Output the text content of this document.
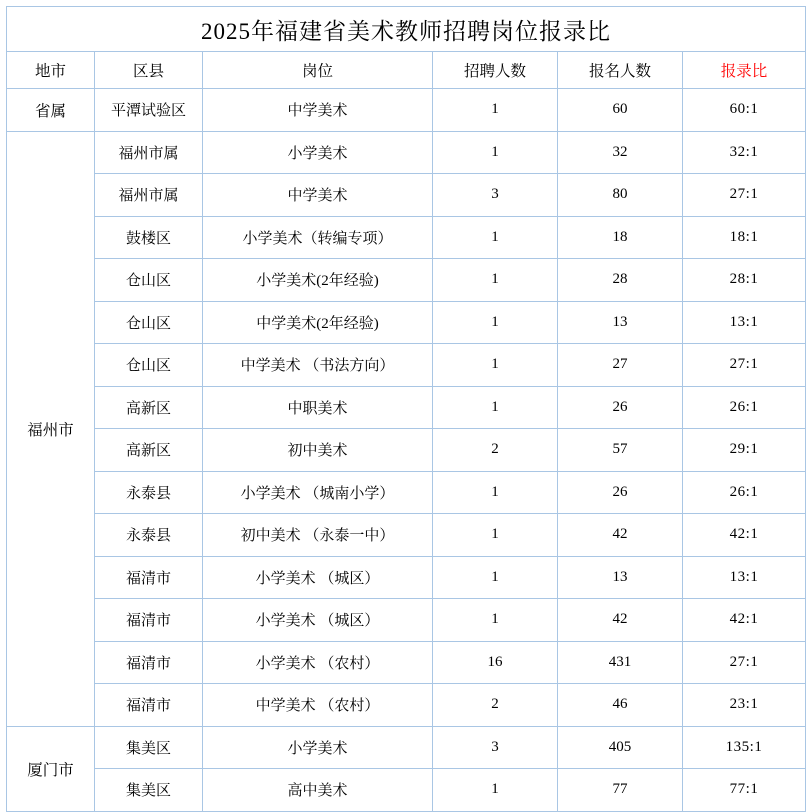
2025年福建省美术教师招聘岗位报录比					
地市	区县	岗位	招聘人数	报名人数	报录比
省属	平潭试验区	中学美术	1	60	60:1
福州市	福州市属	小学美术	1	32	32:1
	福州市属	中学美术	3	80	27:1
	鼓楼区	小学美术（转编专项）	1	18	18:1
	仓山区	小学美术(2年经验)	1	28	28:1
	仓山区	中学美术(2年经验)	1	13	13:1
	仓山区	中学美术 （书法方向）	1	27	27:1
	高新区	中职美术	1	26	26:1
	高新区	初中美术	2	57	29:1
	永泰县	小学美术 （城南小学）	1	26	26:1
	永泰县	初中美术 （永泰一中）	1	42	42:1
	福清市	小学美术 （城区）	1	13	13:1
	福清市	小学美术 （城区）	1	42	42:1
	福清市	小学美术 （农村）	16	431	27:1
	福清市	中学美术 （农村）	2	46	23:1
厦门市	集美区	小学美术	3	405	135:1
	集美区	高中美术	1	77	77:1
